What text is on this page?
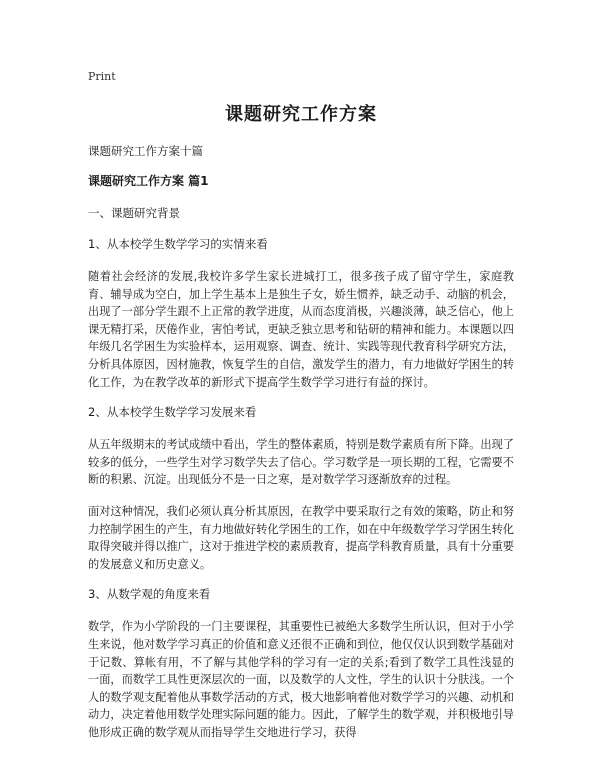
Print
课题研究工作方案

课题研究工作方案十篇

课题研究工作方案 篇1

一、课题研究背景

1、从本校学生数学学习的实情来看

随着社会经济的发展,我校许多学生家长进城打工，很多孩子成了留守学生，家庭教育、辅导成为空白，加上学生基本上是独生子女，娇生惯养，缺乏动手、动脑的机会，出现了一部分学生跟不上正常的教学进度，从而态度消极，兴趣淡薄，缺乏信心，他上课无精打采，厌倦作业，害怕考试，更缺乏独立思考和钻研的精神和能力。本课题以四年级几名学困生为实验样本，运用观察、调查、统计、实践等现代教育科学研究方法，分析具体原因，因材施教，恢复学生的自信，激发学生的潜力，有力地做好学困生的转化工作，为在教学改革的新形式下提高学生数学学习进行有益的探讨。

2、从本校学生数学学习发展来看

从五年级期末的考试成绩中看出，学生的整体素质，特别是数学素质有所下降。出现了较多的低分，一些学生对学习数学失去了信心。学习数学是一项长期的工程，它需要不断的积累、沉淀。出现低分不是一日之寒，是对数学学习逐渐放弃的过程。

面对这种情况，我们必须认真分析其原因，在教学中要采取行之有效的策略，防止和努力控制学困生的产生，有力地做好转化学困生的工作，如在中年级数学学习学困生转化取得突破并得以推广，这对于推进学校的素质教育，提高学科教育质量，具有十分重要的发展意义和历史意义。

3、从数学观的角度来看

数学，作为小学阶段的一门主要课程，其重要性已被绝大多数学生所认识，但对于小学生来说，他对数学学习真正的价值和意义还很不正确和到位，他仅仅认识到数学基础对于记数、算帐有用，不了解与其他学科的学习有一定的关系;看到了数学工具性浅显的一面，而数学工具性更深层次的一面，以及数学的人文性，学生的认识十分肤浅。一个人的数学观支配着他从事数学活动的方式，极大地影响着他对数学学习的兴趣、动机和动力，决定着他用数学处理实际问题的能力。因此，了解学生的数学观，并积极地引导他形成正确的数学观从而指导学生交地进行学习，获得
